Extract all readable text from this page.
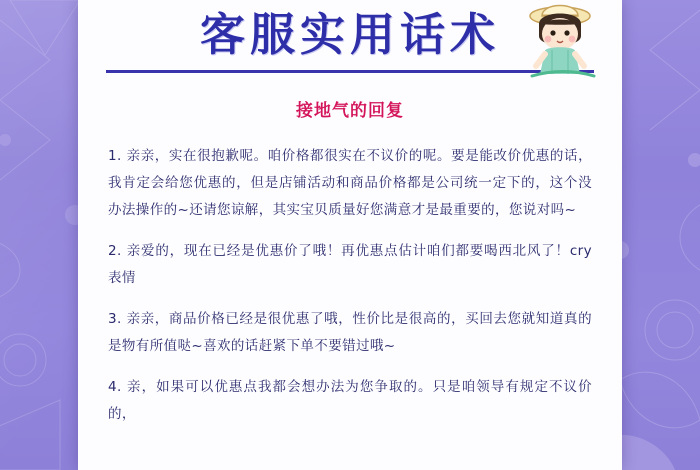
客服实用话术
接地气的回复

1. 亲亲，实在很抱歉呢。咱价格都很实在不议价的呢。要是能改价优惠的话，我肯定会给您优惠的，但是店铺活动和商品价格都是公司统一定下的，这个没办法操作的~还请您谅解，其实宝贝质量好您满意才是最重要的，您说对吗~

2. 亲爱的，现在已经是优惠价了哦！再优惠点估计咱们都要喝西北风了！cry表情

3. 亲亲，商品价格已经是很优惠了哦，性价比是很高的，买回去您就知道真的是物有所值哒~喜欢的话赶紧下单不要错过哦~

4. 亲，如果可以优惠点我都会想办法为您争取的。只是咱领导有规定不议价的，
